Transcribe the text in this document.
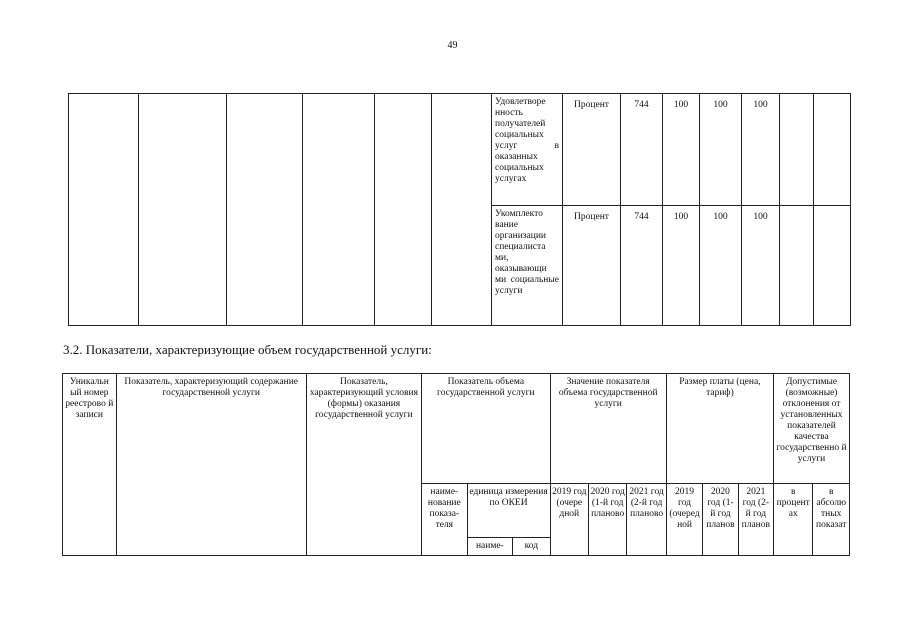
49
						Удовлетворе нность получателей социальных услуг в оказанных социальных услугах	Процент	744	100	100	100		
						Укомплекто вание организации специалиста ми, оказывающи ми социальные услуги	Процент	744	100	100	100		
3.2. Показатели, характеризующие объем государственной услуги:
Уникальн ый номер реестрово й записи	Показатель, характеризующий содержание государственной услуги	Показатель, характеризующий условия (формы) оказания государственной услуги	Показатель объема государственной услуги			Значение показателя объема государственной услуги			Размер платы (цена, тариф)			Допустимые (возможные) отклонения от установленных показателей качества государственно й услуги	
			наиме- нование показа- теля	единица измерения по ОКЕИ		2019 год (очере дной	2020 год (1-й год планово	2021 год (2-й год планово	2019 год (очеред ной	2020 год (1- й год планов	2021 год (2- й год планов	в процент ах	в абсолю тных показат
				наиме-	код								
